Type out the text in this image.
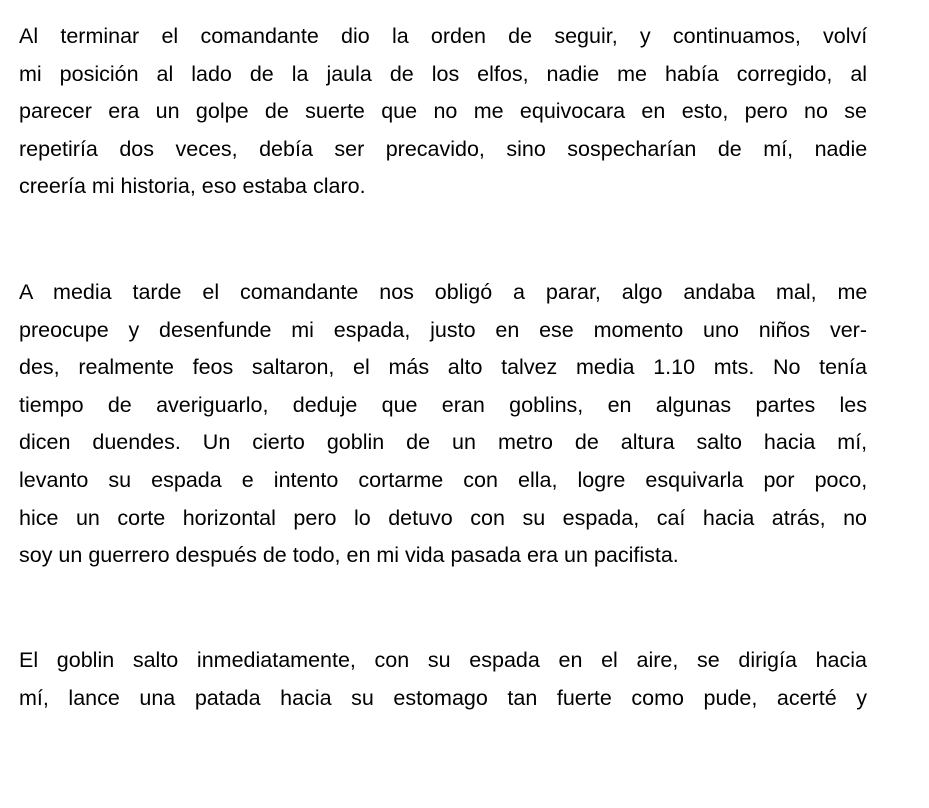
Al terminar el comandante dio la orden de seguir, y continuamos, volví
mi posición al lado de la jaula de los elfos, nadie me había corregido, al
parecer era un golpe de suerte que no me equivocara en esto, pero no se
repetiría dos veces, debía ser precavido, sino sospecharían de mí, nadie
creería mi historia, eso estaba claro.
A media tarde el comandante nos obligó a parar, algo andaba mal, me
preocupe y desenfunde mi espada, justo en ese momento uno niños ver-
des, realmente feos saltaron, el más alto talvez media 1.10 mts. No tenía
tiempo de averiguarlo, deduje que eran goblins, en algunas partes les
dicen duendes. Un cierto goblin de un metro de altura salto hacia mí,
levanto su espada e intento cortarme con ella, logre esquivarla por poco,
hice un corte horizontal pero lo detuvo con su espada, caí hacia atrás, no
soy un guerrero después de todo, en mi vida pasada era un pacifista.
El goblin salto inmediatamente, con su espada en el aire, se dirigía hacia
mí, lance una patada hacia su estomago tan fuerte como pude, acerté y
